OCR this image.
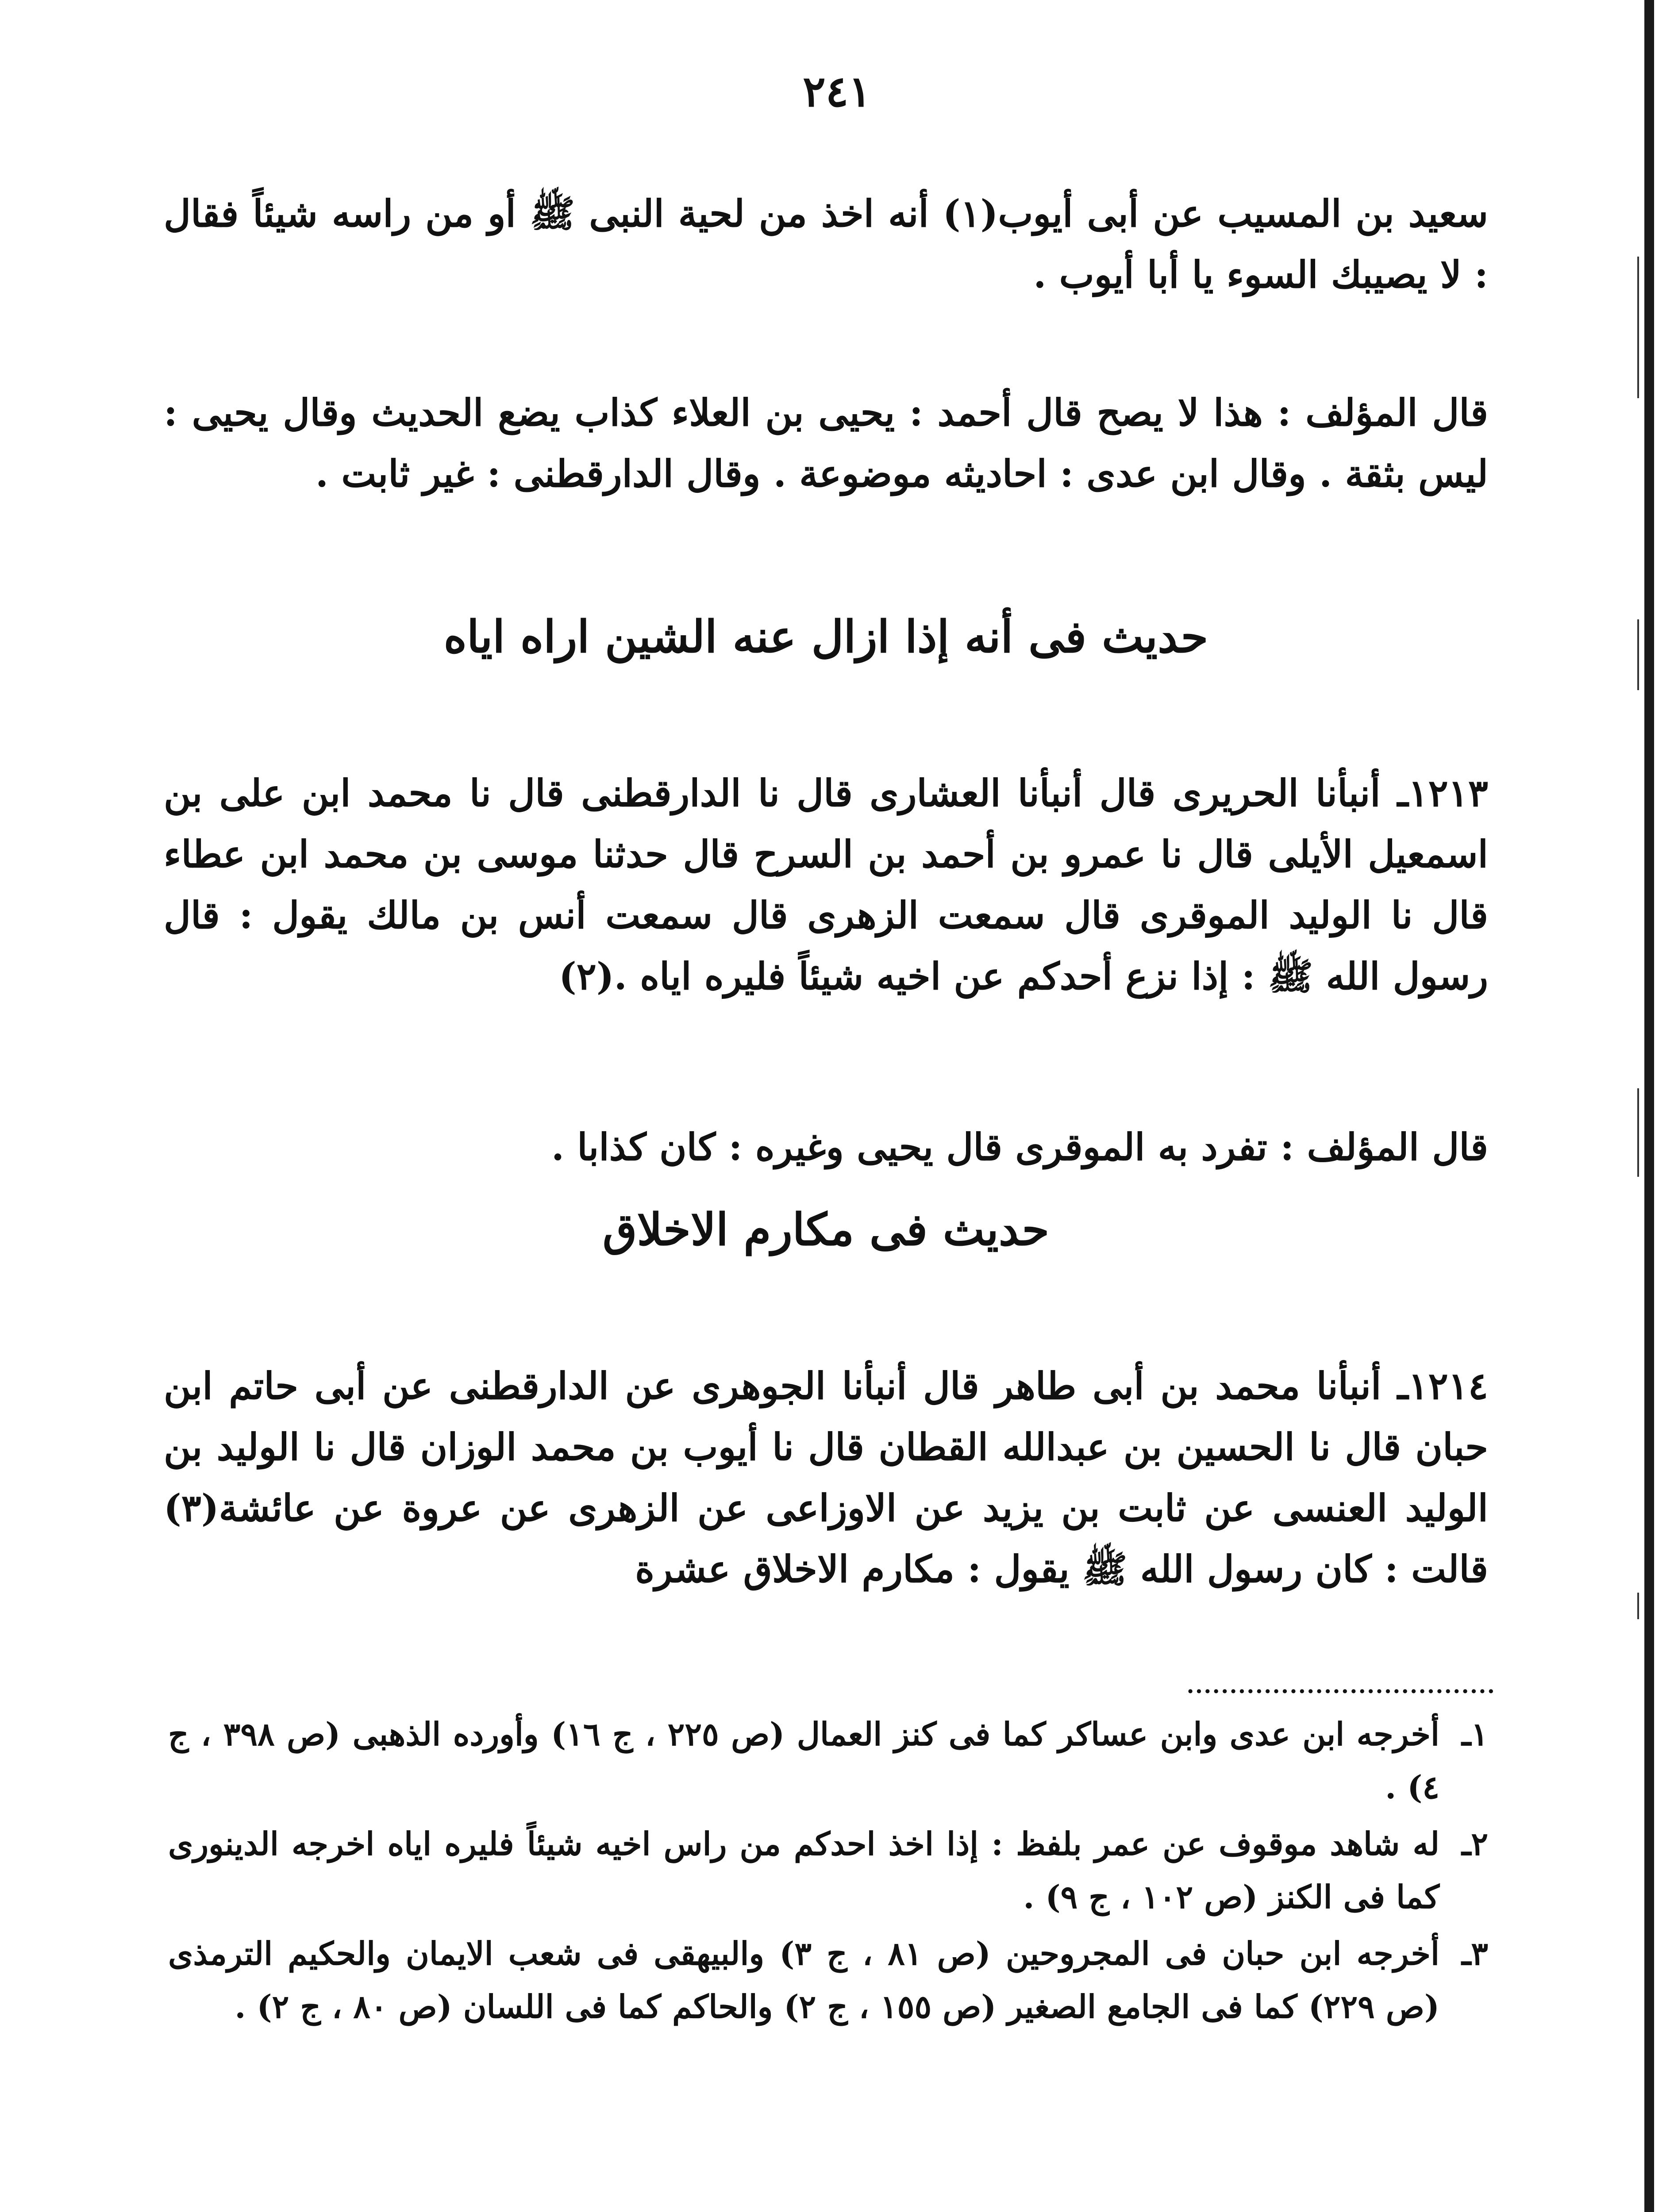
٢٤١

سعيد بن المسيب عن أبى أيوب(١) أنه اخذ من لحية النبى ﷺ أو من راسه شيئاً فقال : لا يصيبك السوء يا أبا أيوب .

قال المؤلف : هذا لا يصح قال أحمد : يحيى بن العلاء كذاب يضع الحديث وقال يحيى : ليس بثقة . وقال ابن عدى : احاديثه موضوعة . وقال الدارقطنى : غير ثابت .

حديث فى أنه إذا ازال عنه الشين اراه اياه

١٢١٣ـ أنبأنا الحريرى قال أنبأنا العشارى قال نا الدارقطنى قال نا محمد ابن على بن اسمعيل الأيلى قال نا عمرو بن أحمد بن السرح قال حدثنا موسى بن محمد ابن عطاء قال نا الوليد الموقرى قال سمعت الزهرى قال سمعت أنس بن مالك يقول : قال رسول الله ﷺ : إذا نزع أحدكم عن اخيه شيئاً فليره اياه .(٢)

قال المؤلف : تفرد به الموقرى قال يحيى وغيره : كان كذابا .

حديث فى مكارم الاخلاق

١٢١٤ـ أنبأنا محمد بن أبى طاهر قال أنبأنا الجوهرى عن الدارقطنى عن أبى حاتم ابن حبان قال نا الحسين بن عبدالله القطان قال نا أيوب بن محمد الوزان قال نا الوليد بن الوليد العنسى عن ثابت بن يزيد عن الاوزاعى عن الزهرى عن عروة عن عائشة(٣) قالت : كان رسول الله ﷺ يقول : مكارم الاخلاق عشرة

....................................
١ـ
أخرجه ابن عدى وابن عساكر كما فى كنز العمال (ص ٢٢٥ ، ج ١٦) وأورده الذهبى (ص ٣٩٨ ، ج ٤) .
٢ـ
له شاهد موقوف عن عمر بلفظ : إذا اخذ احدكم من راس اخيه شيئاً فليره اياه اخرجه الدينورى كما فى الكنز (ص ١٠٢ ، ج ٩) .
٣ـ
أخرجه ابن حبان فى المجروحين (ص ٨١ ، ج ٣) والبيهقى فى شعب الايمان والحكيم الترمذى (ص ٢٢٩) كما فى الجامع الصغير (ص ١٥٥ ، ج ٢) والحاكم كما فى اللسان (ص ٨٠ ، ج ٢) .
